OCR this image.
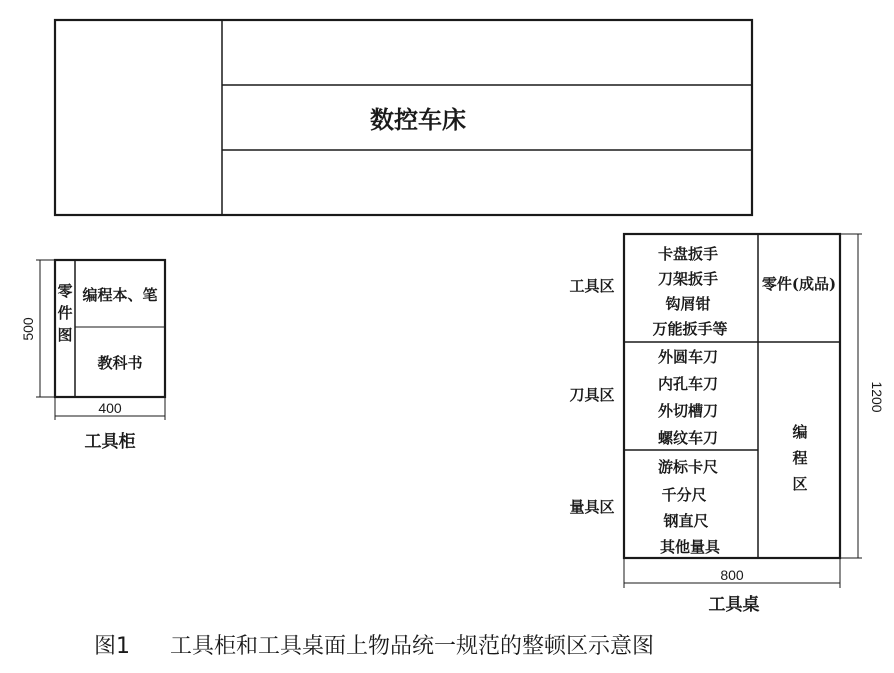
数控车床
零
件
图
编程本、笔
教科书
500
400
工具柜
工具区
卡盘扳手
刀架扳手
钩屑钳
万能扳手等
刀具区
外圆车刀
内孔车刀
外切槽刀
螺纹车刀
量具区
游标卡尺
千分尺
钢直尺
其他量具
零件(成品)
编
程
区
1200
800
工具桌
图1 工具柜和工具桌面上物品统一规范的整顿区示意图
